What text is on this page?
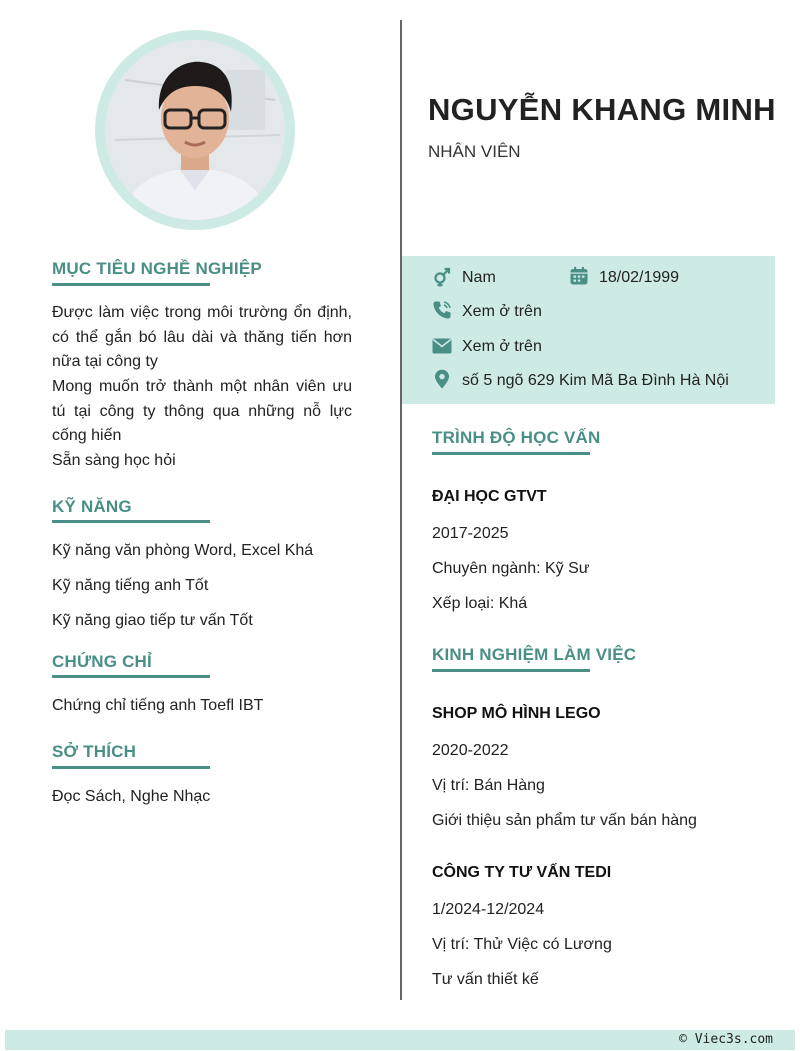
MỤC TIÊU NGHỀ NGHIỆP
Được làm việc trong môi trường ổn định, có thể gắn bó lâu dài và thăng tiến hơn nữa tại công ty
Mong muốn trở thành một nhân viên ưu tú tại công ty thông qua những nỗ lực cống hiến
Sẵn sàng học hỏi
KỸ NĂNG
Kỹ năng văn phòng Word, Excel Khá
Kỹ năng tiếng anh Tốt
Kỹ năng giao tiếp tư vấn Tốt
CHỨNG CHỈ
Chứng chỉ tiếng anh Toefl IBT
SỞ THÍCH
Đọc Sách, Nghe Nhạc
NGUYỄN KHANG MINH
NHÂN VIÊN
Nam	18/02/1999
Xem ở trên
Xem ở trên
số 5 ngõ 629 Kim Mã Ba Đình Hà Nội
TRÌNH ĐỘ HỌC VẤN
ĐẠI HỌC GTVT
2017-2025
Chuyên ngành: Kỹ Sư
Xếp loại: Khá
KINH NGHIỆM LÀM VIỆC
SHOP MÔ HÌNH LEGO
2020-2022
Vị trí: Bán Hàng
Giới thiệu sản phẩm tư vấn bán hàng
CÔNG TY TƯ VẤN TEDI
1/2024-12/2024
Vị trí: Thử Việc có Lương
Tư vấn thiết kế
© Viec3s.com
